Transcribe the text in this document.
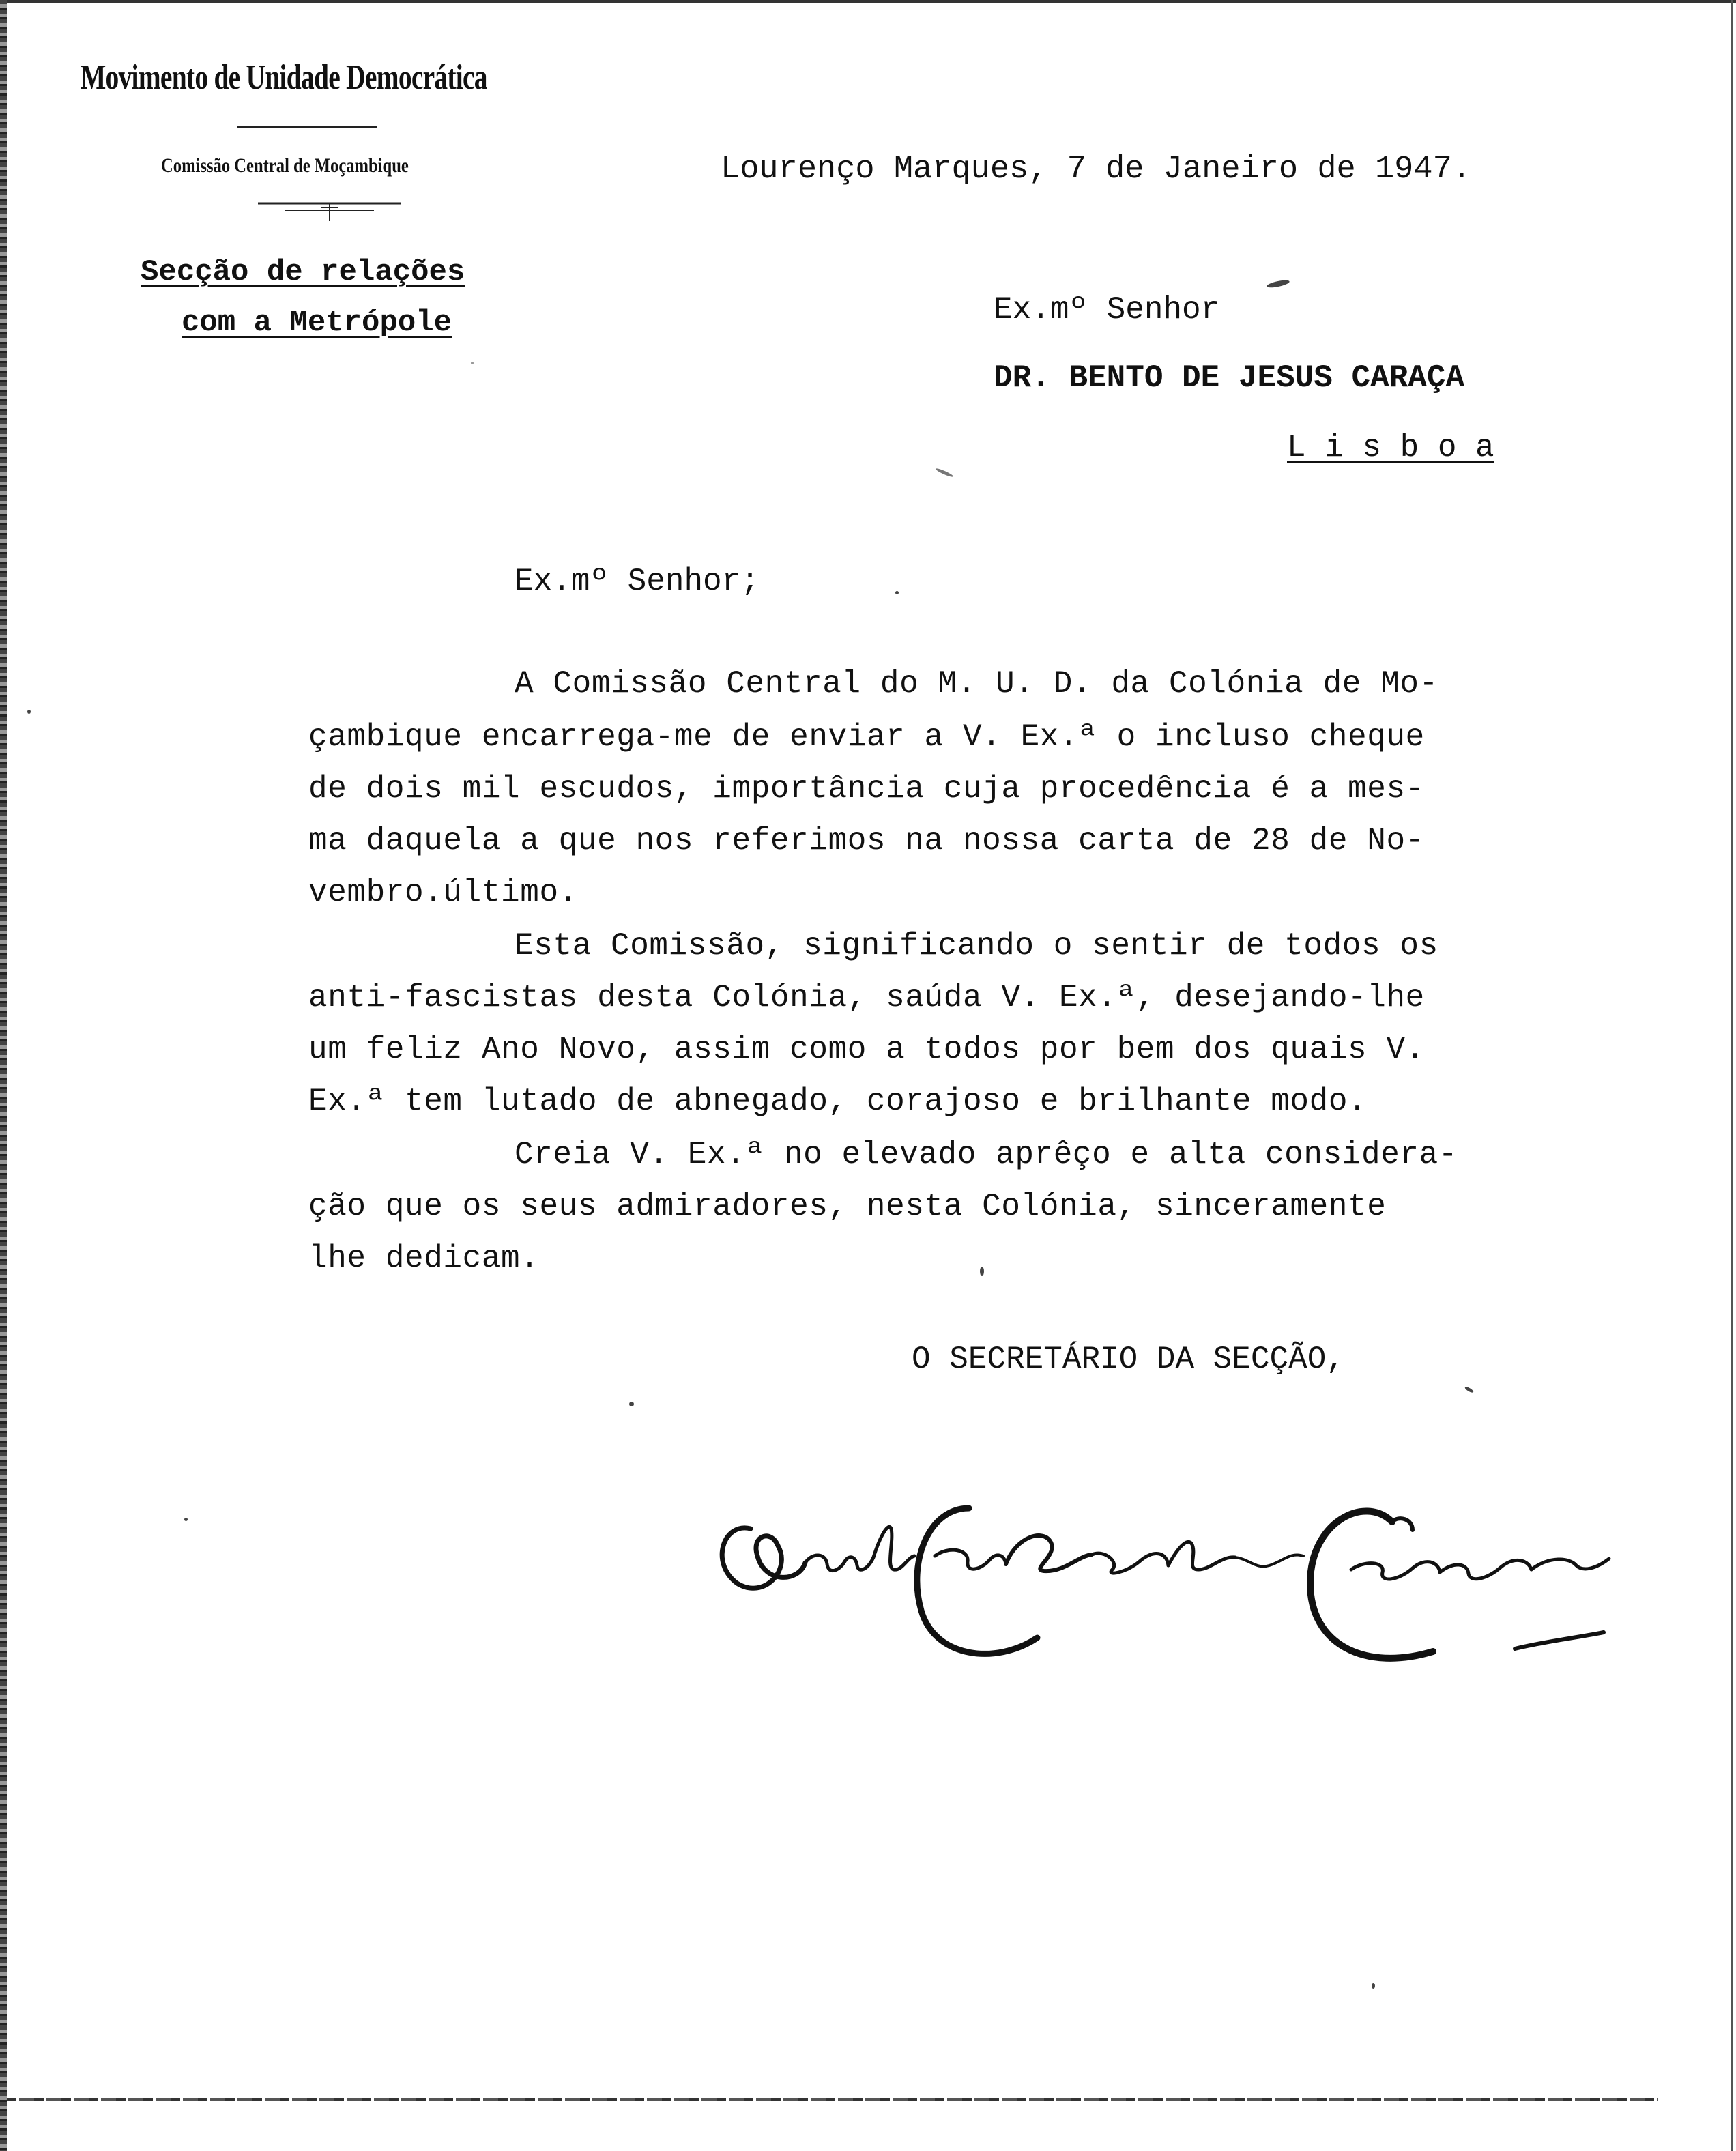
Movimento de Unidade Democrática
Comissão Central de Moçambique
Secção de relações
com a Metrópole
Lourenço Marques, 7 de Janeiro de 1947.
Ex.mº Senhor
DR. BENTO DE JESUS CARAÇA
L i s b o a
Ex.mº Senhor;
A Comissão Central do M. U. D. da Colónia de Mo-
çambique encarrega-me de enviar a V. Ex.ª o incluso cheque
de dois mil escudos, importância cuja procedência é a mes-
ma daquela a que nos referimos na nossa carta de 28 de No-
vembro.último.
Esta Comissão, significando o sentir de todos os
anti-fascistas desta Colónia, saúda V. Ex.ª, desejando-lhe
um feliz Ano Novo, assim como a todos por bem dos quais V.
Ex.ª tem lutado de abnegado, corajoso e brilhante modo.
Creia V. Ex.ª no elevado aprêço e alta considera-
ção que os seus admiradores, nesta Colónia, sinceramente
lhe dedicam.
O SECRETÁRIO DA SECÇÃO,
